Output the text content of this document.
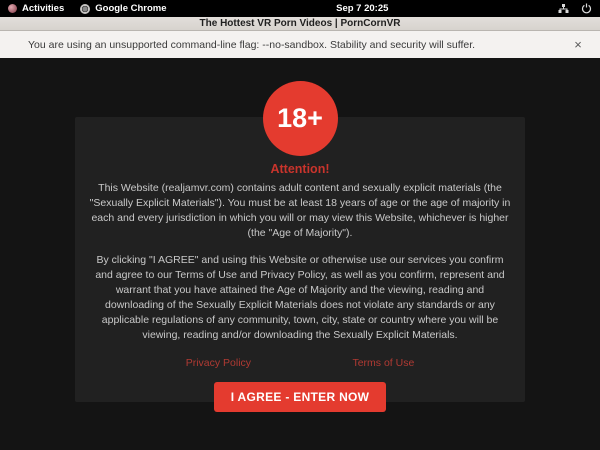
Activities	Google Chrome	Sep 7 20:25
The Hottest VR Porn Videos | PornCornVR
You are using an unsupported command-line flag: --no-sandbox. Stability and security will suffer.	×
18+
Attention!

This Website (realjamvr.com) contains adult content and sexually explicit materials (the "Sexually Explicit Materials"). You must be at least 18 years of age or the age of majority in each and every jurisdiction in which you will or may view this Website, whichever is higher (the "Age of Majority").

By clicking "I AGREE" and using this Website or otherwise use our services you confirm and agree to our Terms of Use and Privacy Policy, as well as you confirm, represent and warrant that you have attained the Age of Majority and the viewing, reading and downloading of the Sexually Explicit Materials does not violate any standards or any applicable regulations of any community, town, city, state or country where you will be viewing, reading and/or downloading the Sexually Explicit Materials.

Privacy Policy	Terms of Use
I AGREE - ENTER NOW
